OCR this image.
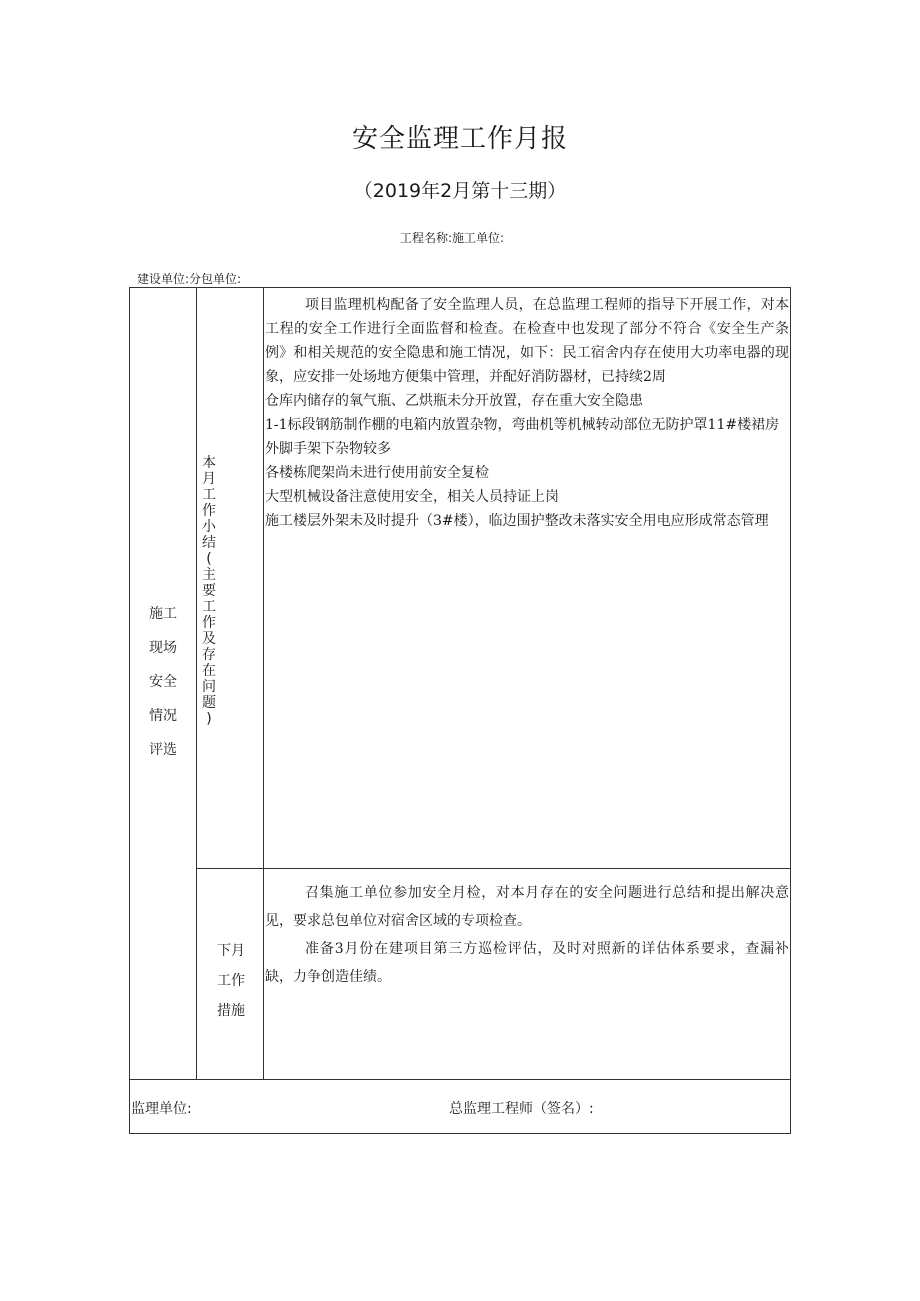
安全监理工作月报
（2019年2月第十三期）
工程名称:施工单位:
建设单位:分包单位:
施工
现场
安全
情况
评选
本
月
工
作
小
结
(
主
要
工
作
及
存
在
问
题
)

项目监理机构配备了安全监理人员，在总监理工程师的指导下开展工作，对本工程的安全工作进行全面监督和检查。在检查中也发现了部分不符合《安全生产条例》和相关规范的安全隐患和施工情况，如下：民工宿舍内存在使用大功率电器的现象，应安排一处场地方便集中管理，并配好消防器材，已持续2周

仓库内储存的氧气瓶、乙烘瓶未分开放置，存在重大安全隐患

1-1标段钢筋制作棚的电箱内放置杂物，弯曲机等机械转动部位无防护罩11#楼裙房外脚手架下杂物较多

各楼栋爬架尚未进行使用前安全复检

大型机械设备注意使用安全，相关人员持证上岗

施工楼层外架未及时提升（3#楼），临边围护整改未落实安全用电应形成常态管理

下月
工作
措施

召集施工单位参加安全月检，对本月存在的安全问题进行总结和提出解决意见，要求总包单位对宿舍区域的专项检查。

准备3月份在建项目第三方巡检评估，及时对照新的详估体系要求，查漏补缺，力争创造佳绩。

监理单位:	总监理工程师（签名）:
